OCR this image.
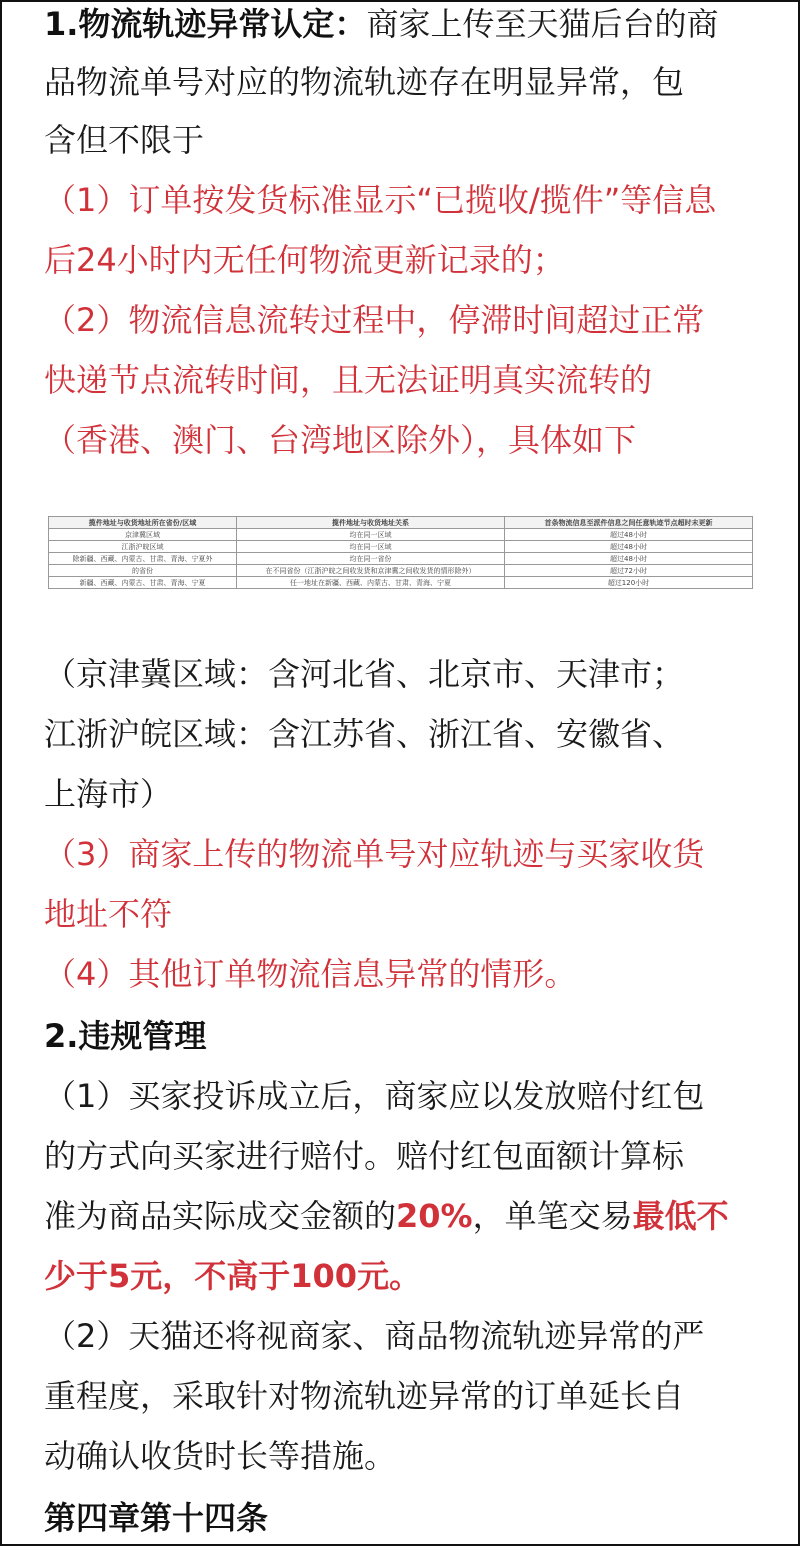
1.物流轨迹异常认定：商家上传至天猫后台的商
品物流单号对应的物流轨迹存在明显异常，包
含但不限于
（1）订单按发货标准显示“已揽收/揽件”等信息
后24小时内无任何物流更新记录的；
（2）物流信息流转过程中，停滞时间超过正常
快递节点流转时间，且无法证明真实流转的
（香港、澳门、台湾地区除外），具体如下
揽件地址与收货地址所在省份/区域	揽件地址与收货地址关系	首条物流信息至派件信息之间任意轨迹节点超时未更新
京津冀区域	均在同一区域	超过48小时
江浙沪皖区域	均在同一区域	超过48小时
除新疆、西藏、内蒙古、甘肃、青海、宁夏外	均在同一省份	超过48小时
的省份	在不同省份（江浙沪皖之间收发货和京津冀之间收发货的情形除外）	超过72小时
新疆、西藏、内蒙古、甘肃、青海、宁夏	任一地址在新疆、西藏、内蒙古、甘肃、青海、宁夏	超过120小时
（京津冀区域：含河北省、北京市、天津市；
江浙沪皖区域：含江苏省、浙江省、安徽省、
上海市）
（3）商家上传的物流单号对应轨迹与买家收货
地址不符
（4）其他订单物流信息异常的情形。
2.违规管理
（1）买家投诉成立后，商家应以发放赔付红包
的方式向买家进行赔付。赔付红包面额计算标
准为商品实际成交金额的20%，单笔交易最低不
少于5元，不高于100元。
（2）天猫还将视商家、商品物流轨迹异常的严
重程度，采取针对物流轨迹异常的订单延长自
动确认收货时长等措施。
第四章第十四条
